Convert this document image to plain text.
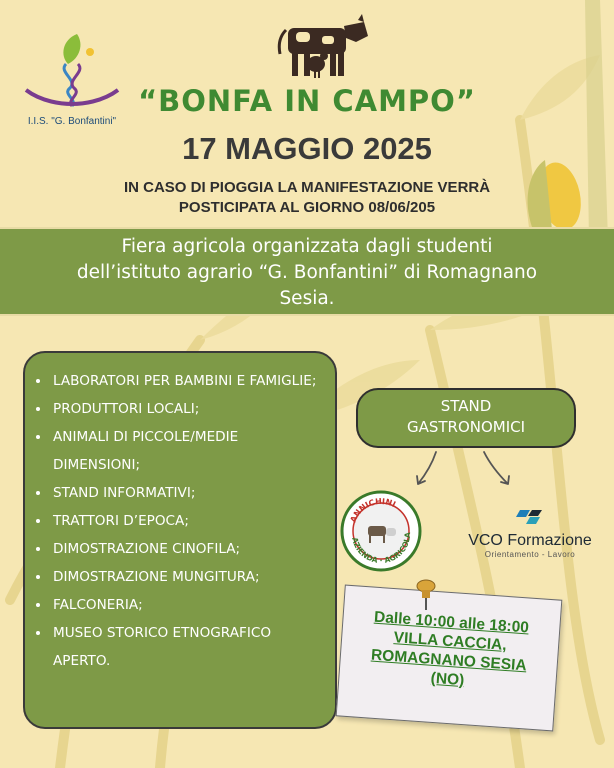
I.I.S. "G. Bonfantini"
“BONFA IN CAMPO”
17 MAGGIO 2025
IN CASO DI PIOGGIA LA MANIFESTAZIONE VERRÀ
POSTICIPATA AL GIORNO 08/06/205
Fiera agricola organizzata dagli studenti
dell’istituto agrario “G. Bonfantini” di Romagnano
Sesia.
• LABORATORI PER BAMBINI E FAMIGLIE;
• PRODUTTORI LOCALI;
• ANIMALI DI PICCOLE/MEDIE DIMENSIONI;
• STAND INFORMATIVI;
• TRATTORI D’EPOCA;
• DIMOSTRAZIONE CINOFILA;
• DIMOSTRAZIONE MUNGITURA;
• FALCONERIA;
• MUSEO STORICO ETNOGRAFICO APERTO.
STAND
GASTRONOMICI
ANNICHINI
AZIENDA · AGRICOLA	VCO Formazione
Orientamento - Lavoro
Dalle 10:00 alle 18:00
VILLA CACCIA,
ROMAGNANO SESIA
(NO)
